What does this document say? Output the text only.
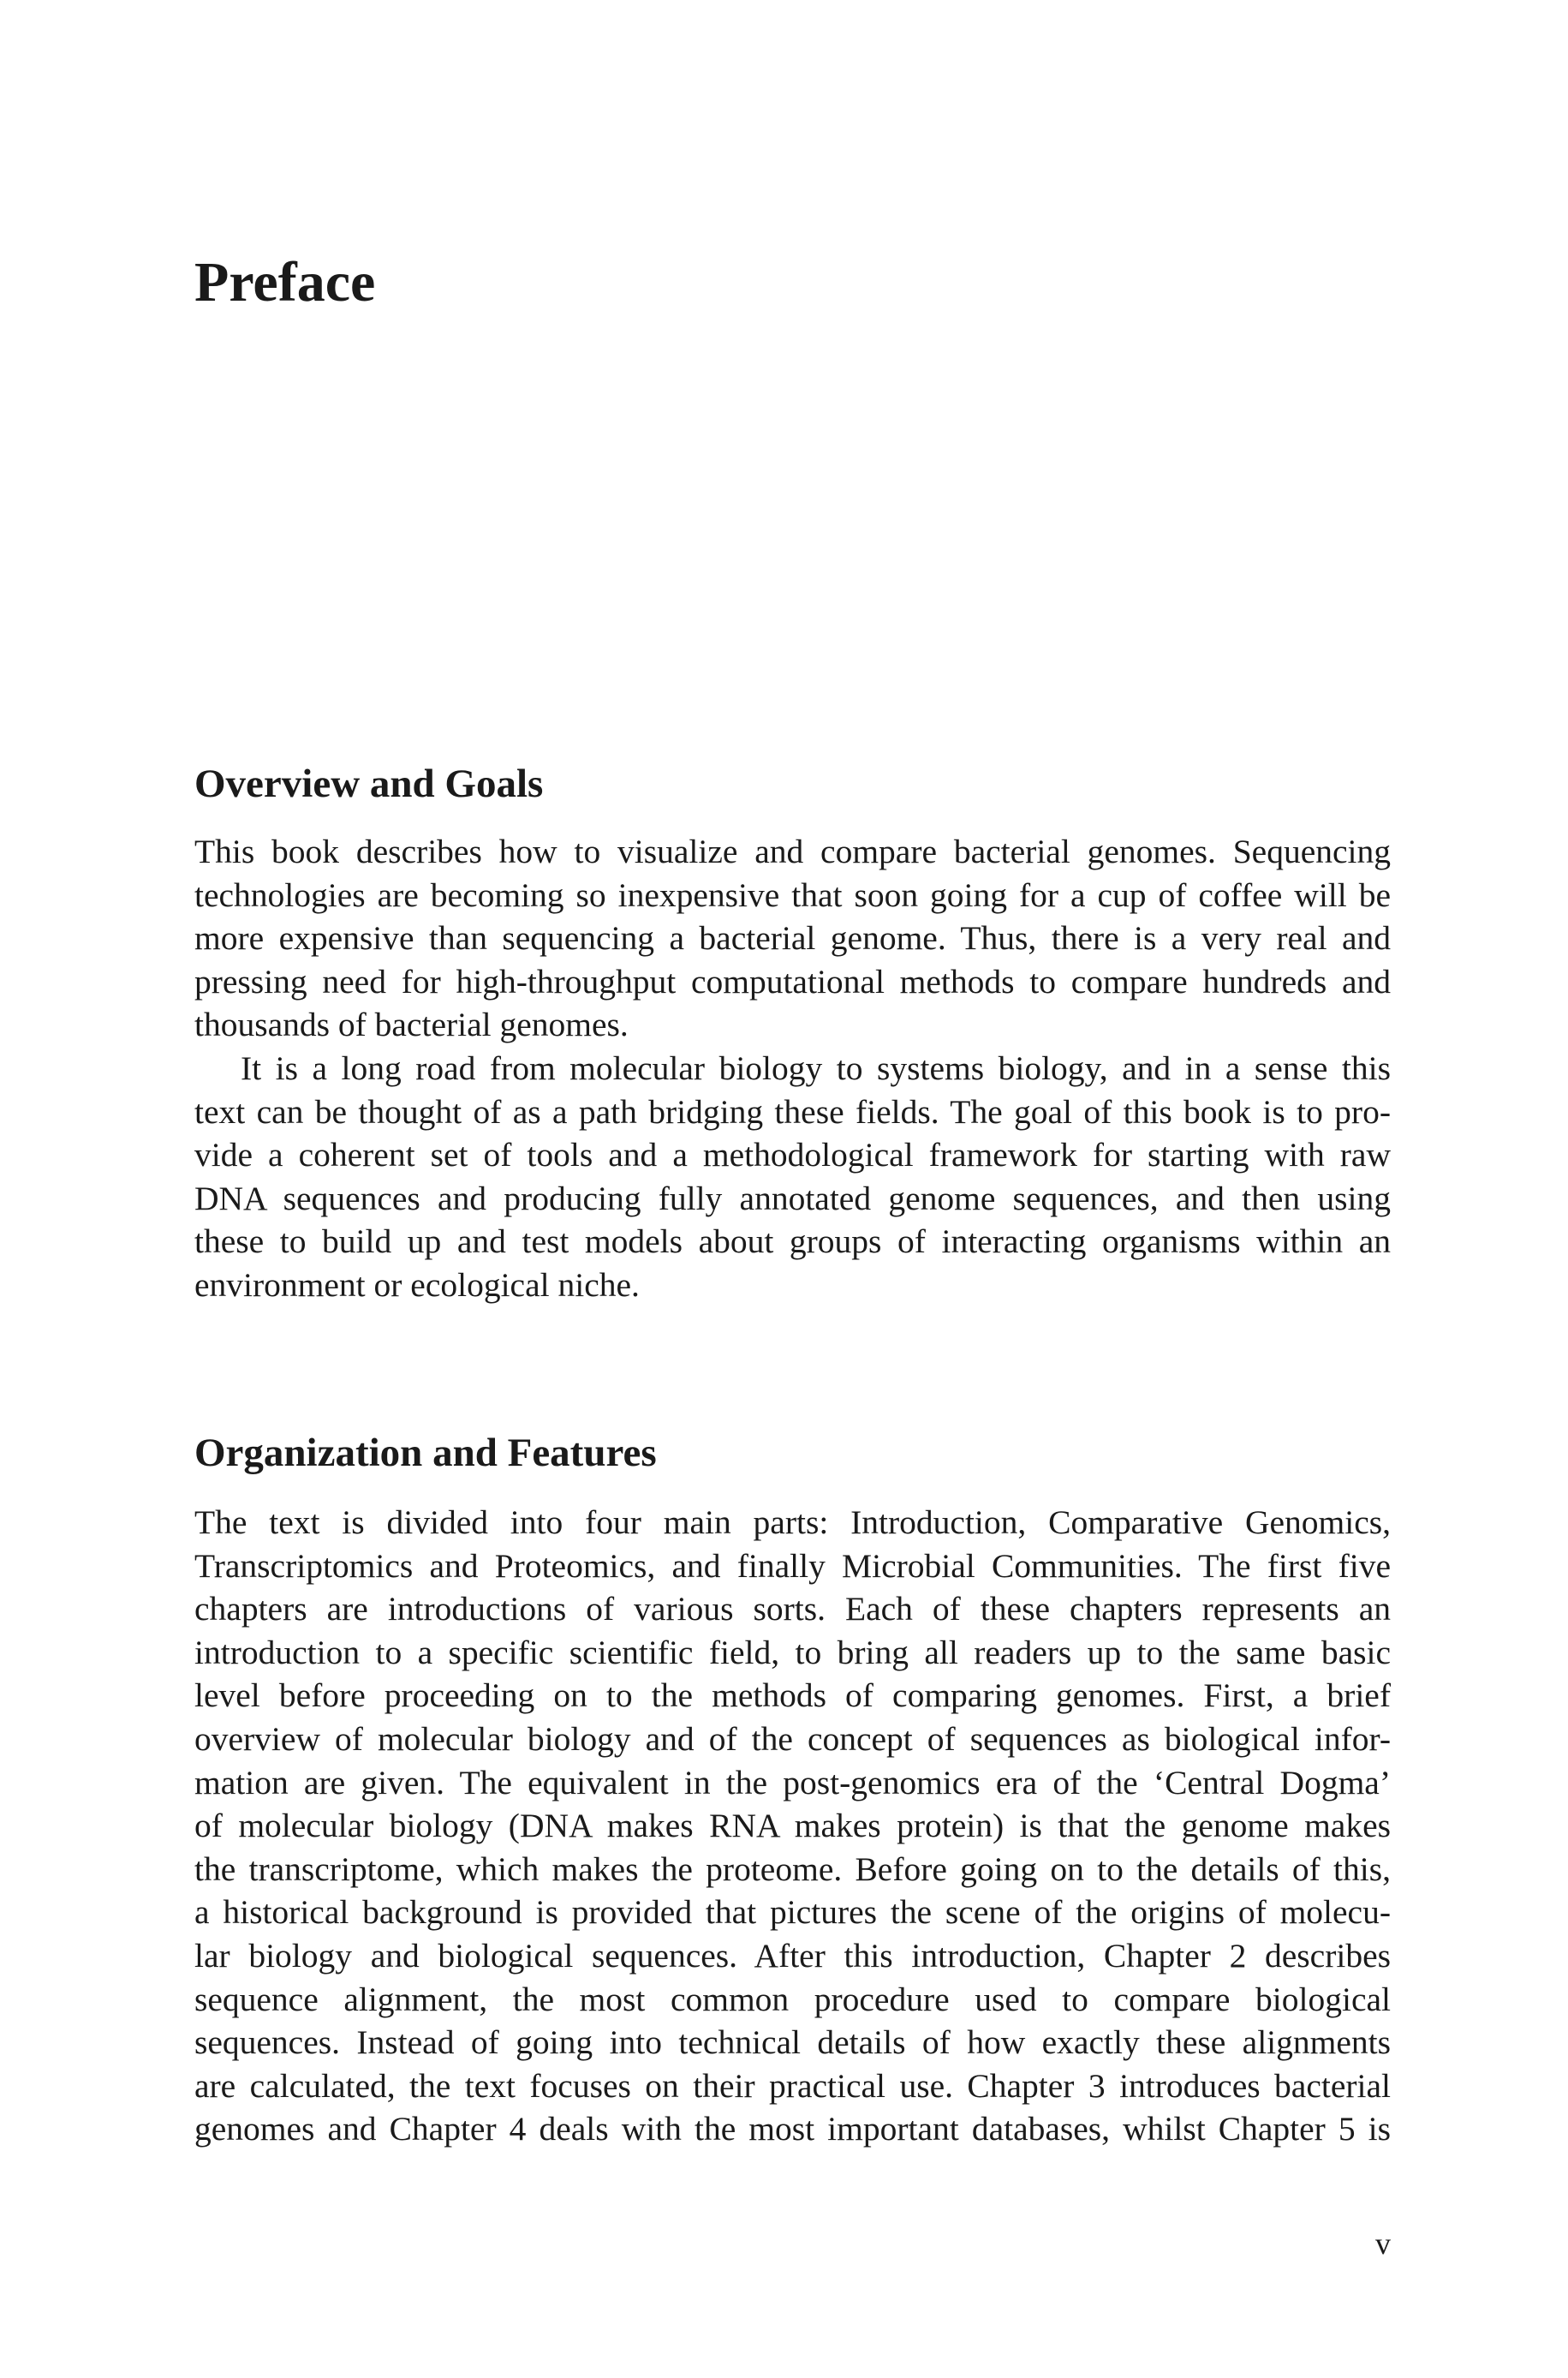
Preface
Overview and Goals
This book describes how to visualize and compare bacterial genomes. Sequencing
technologies are becoming so inexpensive that soon going for a cup of coffee will be
more expensive than sequencing a bacterial genome. Thus, there is a very real and
pressing need for high-throughput computational methods to compare hundreds and
thousands of bacterial genomes.
It is a long road from molecular biology to systems biology, and in a sense this
text can be thought of as a path bridging these fields. The goal of this book is to pro-
vide a coherent set of tools and a methodological framework for starting with raw
DNA sequences and producing fully annotated genome sequences, and then using
these to build up and test models about groups of interacting organisms within an
environment or ecological niche.
Organization and Features
The text is divided into four main parts: Introduction, Comparative Genomics,
Transcriptomics and Proteomics, and finally Microbial Communities. The first five
chapters are introductions of various sorts. Each of these chapters represents an
introduction to a specific scientific field, to bring all readers up to the same basic
level before proceeding on to the methods of comparing genomes. First, a brief
overview of molecular biology and of the concept of sequences as biological infor-
mation are given. The equivalent in the post-genomics era of the ‘Central Dogma’
of molecular biology (DNA makes RNA makes protein) is that the genome makes
the transcriptome, which makes the proteome. Before going on to the details of this,
a historical background is provided that pictures the scene of the origins of molecu-
lar biology and biological sequences. After this introduction, Chapter 2 describes
sequence alignment, the most common procedure used to compare biological
sequences. Instead of going into technical details of how exactly these alignments
are calculated, the text focuses on their practical use. Chapter 3 introduces bacterial
genomes and Chapter 4 deals with the most important databases, whilst Chapter 5 is
v
